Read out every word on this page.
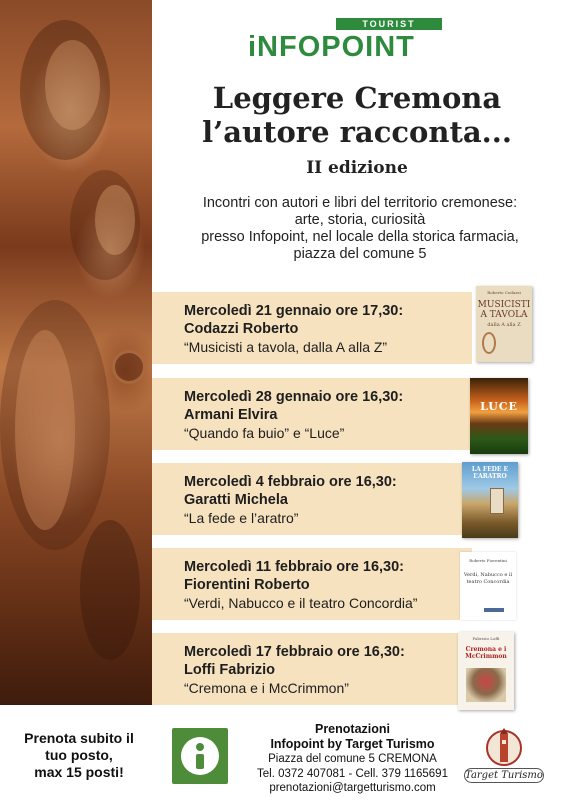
TOURIST
iNFOPOINT
Leggere Cremona
l’autore racconta...
II edizione
Incontri con autori e libri del territorio cremonese:
arte, storia, curiosità
presso Infopoint, nel locale della storica farmacia,
piazza del comune 5
Mercoledì 21 gennaio ore 17,30:
Codazzi Roberto
“Musicisti a tavola, dalla A alla Z”
Roberto Codazzi
MUSICISTI A TAVOLA
dalla A alla Z
Mercoledì 28 gennaio ore 16,30:
Armani Elvira
“Quando fa buio” e “Luce”
LUCE
Mercoledì 4 febbraio ore 16,30:
Garatti Michela
“La fede e l’aratro”
LA FEDE E L’ARATRO
Mercoledì 11 febbraio ore 16,30:
Fiorentini Roberto
“Verdi, Nabucco e il teatro Concordia”
Roberto Fiorentini
Verdi, Nabucco e il teatro Concordia
Mercoledì 17 febbraio ore 16,30:
Loffi Fabrizio
“Cremona e i McCrimmon”
Fabrizio Loffi
Cremona e i McCrimmon
Prenota subito il
tuo posto,
max 15 posti!
Prenotazioni
Infopoint by Target Turismo
Piazza del comune 5 CREMONA
Tel. 0372 407081 - Cell. 379 1165691
prenotazioni@targetturismo.com
Target Turismo
